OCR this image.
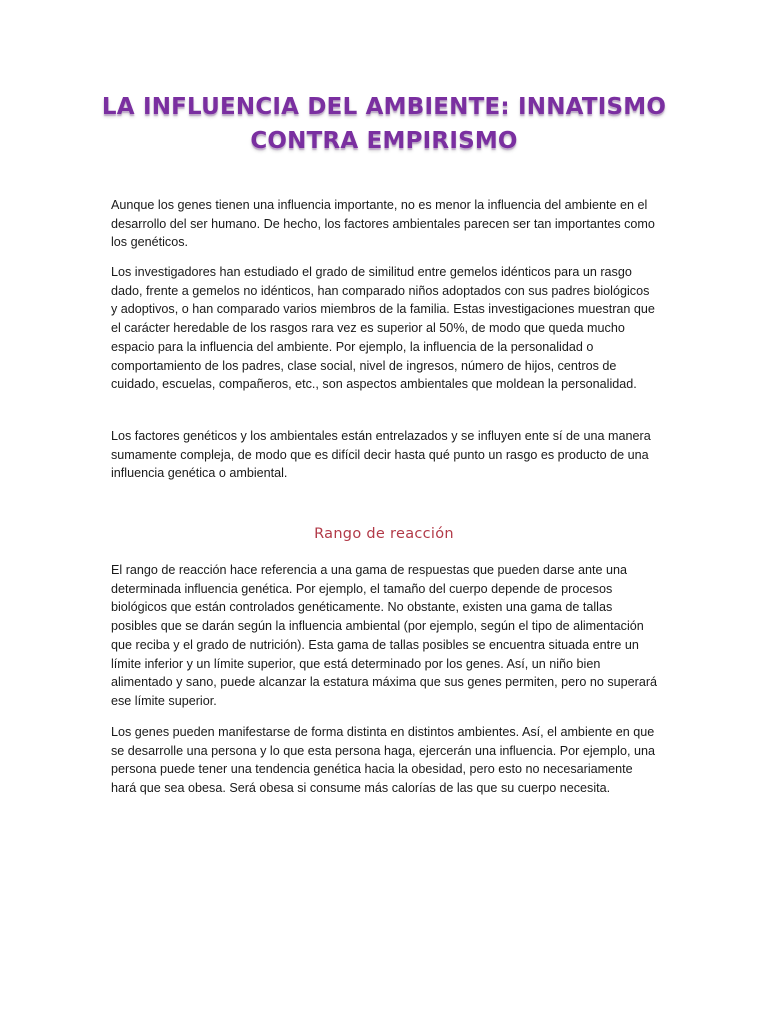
LA INFLUENCIA DEL AMBIENTE: INNATISMO CONTRA EMPIRISMO

Aunque los genes tienen una influencia importante, no es menor la influencia del ambiente en el desarrollo del ser humano. De hecho, los factores ambientales parecen ser tan importantes como los genéticos.

Los investigadores han estudiado el grado de similitud entre gemelos idénticos para un rasgo dado, frente a gemelos no idénticos, han comparado niños adoptados con sus padres biológicos y adoptivos, o han comparado varios miembros de la familia. Estas investigaciones muestran que el carácter heredable de los rasgos rara vez es superior al 50%, de modo que queda mucho espacio para la influencia del ambiente. Por ejemplo, la influencia de la personalidad o comportamiento de los padres, clase social, nivel de ingresos, número de hijos, centros de cuidado, escuelas, compañeros, etc., son aspectos ambientales que moldean la personalidad.

Los factores genéticos y los ambientales están entrelazados y se influyen ente sí de una manera sumamente compleja, de modo que es difícil decir hasta qué punto un rasgo es producto de una influencia genética o ambiental.

Rango de reacción

El rango de reacción hace referencia a una gama de respuestas que pueden darse ante una determinada influencia genética. Por ejemplo, el tamaño del cuerpo depende de procesos biológicos que están controlados genéticamente. No obstante, existen una gama de tallas posibles que se darán según la influencia ambiental (por ejemplo, según el tipo de alimentación que reciba y el grado de nutrición). Esta gama de tallas posibles se encuentra situada entre un límite inferior y un límite superior, que está determinado por los genes. Así, un niño bien alimentado y sano, puede alcanzar la estatura máxima que sus genes permiten, pero no superará ese límite superior.

Los genes pueden manifestarse de forma distinta en distintos ambientes. Así, el ambiente en que se desarrolle una persona y lo que esta persona haga, ejercerán una influencia. Por ejemplo, una persona puede tener una tendencia genética hacia la obesidad, pero esto no necesariamente hará que sea obesa. Será obesa si consume más calorías de las que su cuerpo necesita.
